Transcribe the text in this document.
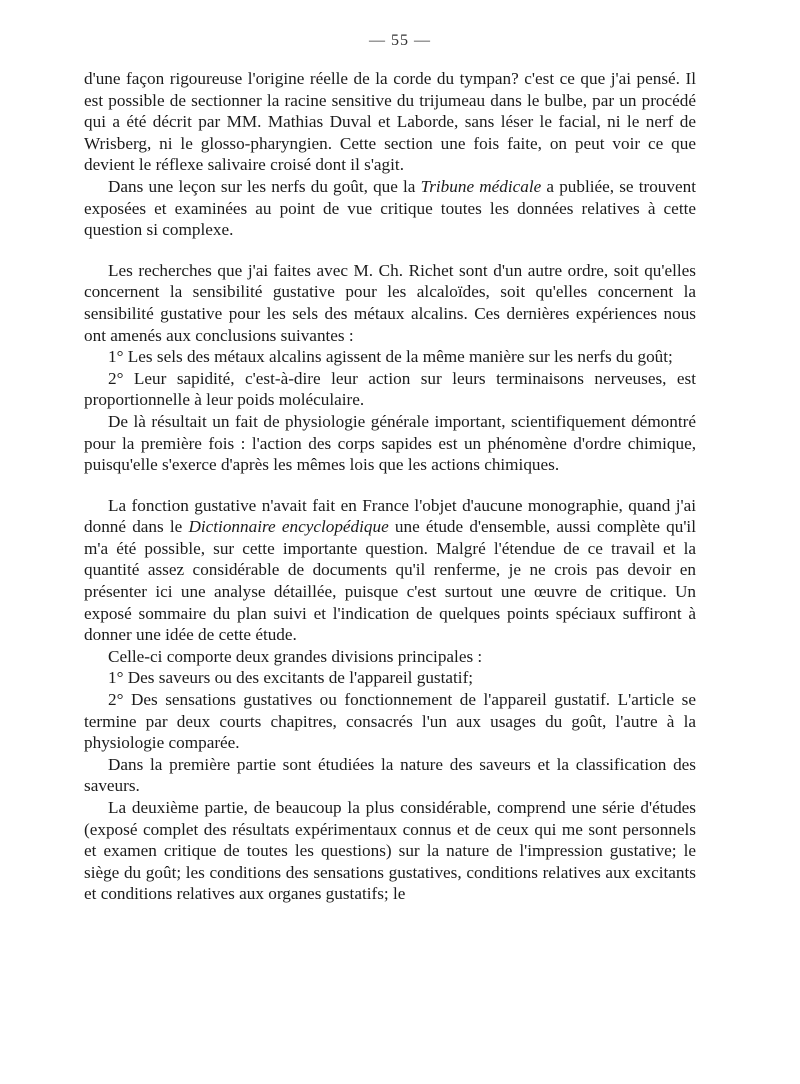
— 55 —

d'une façon rigoureuse l'origine réelle de la corde du tympan? c'est ce que j'ai pensé. Il est possible de sectionner la racine sensitive du trijumeau dans le bulbe, par un procédé qui a été décrit par MM. Mathias Duval et Laborde, sans léser le facial, ni le nerf de Wrisberg, ni le glosso-pharyngien. Cette section une fois faite, on peut voir ce que devient le réflexe salivaire croisé dont il s'agit.

Dans une leçon sur les nerfs du goût, que la Tribune médicale a publiée, se trouvent exposées et examinées au point de vue critique toutes les données relatives à cette question si complexe.

Les recherches que j'ai faites avec M. Ch. Richet sont d'un autre ordre, soit qu'elles concernent la sensibilité gustative pour les alcaloïdes, soit qu'elles concernent la sensibilité gustative pour les sels des métaux alcalins. Ces dernières expériences nous ont amenés aux conclusions suivantes :

1° Les sels des métaux alcalins agissent de la même manière sur les nerfs du goût;

2° Leur sapidité, c'est-à-dire leur action sur leurs terminaisons nerveuses, est proportionnelle à leur poids moléculaire.

De là résultait un fait de physiologie générale important, scientifiquement démontré pour la première fois : l'action des corps sapides est un phénomène d'ordre chimique, puisqu'elle s'exerce d'après les mêmes lois que les actions chimiques.

La fonction gustative n'avait fait en France l'objet d'aucune monographie, quand j'ai donné dans le Dictionnaire encyclopédique une étude d'ensemble, aussi complète qu'il m'a été possible, sur cette importante question. Malgré l'étendue de ce travail et la quantité assez considérable de documents qu'il renferme, je ne crois pas devoir en présenter ici une analyse détaillée, puisque c'est surtout une œuvre de critique. Un exposé sommaire du plan suivi et l'indication de quelques points spéciaux suffiront à donner une idée de cette étude.

Celle-ci comporte deux grandes divisions principales :

1° Des saveurs ou des excitants de l'appareil gustatif;

2° Des sensations gustatives ou fonctionnement de l'appareil gustatif. L'article se termine par deux courts chapitres, consacrés l'un aux usages du goût, l'autre à la physiologie comparée.

Dans la première partie sont étudiées la nature des saveurs et la classification des saveurs.

La deuxième partie, de beaucoup la plus considérable, comprend une série d'études (exposé complet des résultats expérimentaux connus et de ceux qui me sont personnels et examen critique de toutes les questions) sur la nature de l'impression gustative; le siège du goût; les conditions des sensations gustatives, conditions relatives aux excitants et conditions relatives aux organes gustatifs; le
